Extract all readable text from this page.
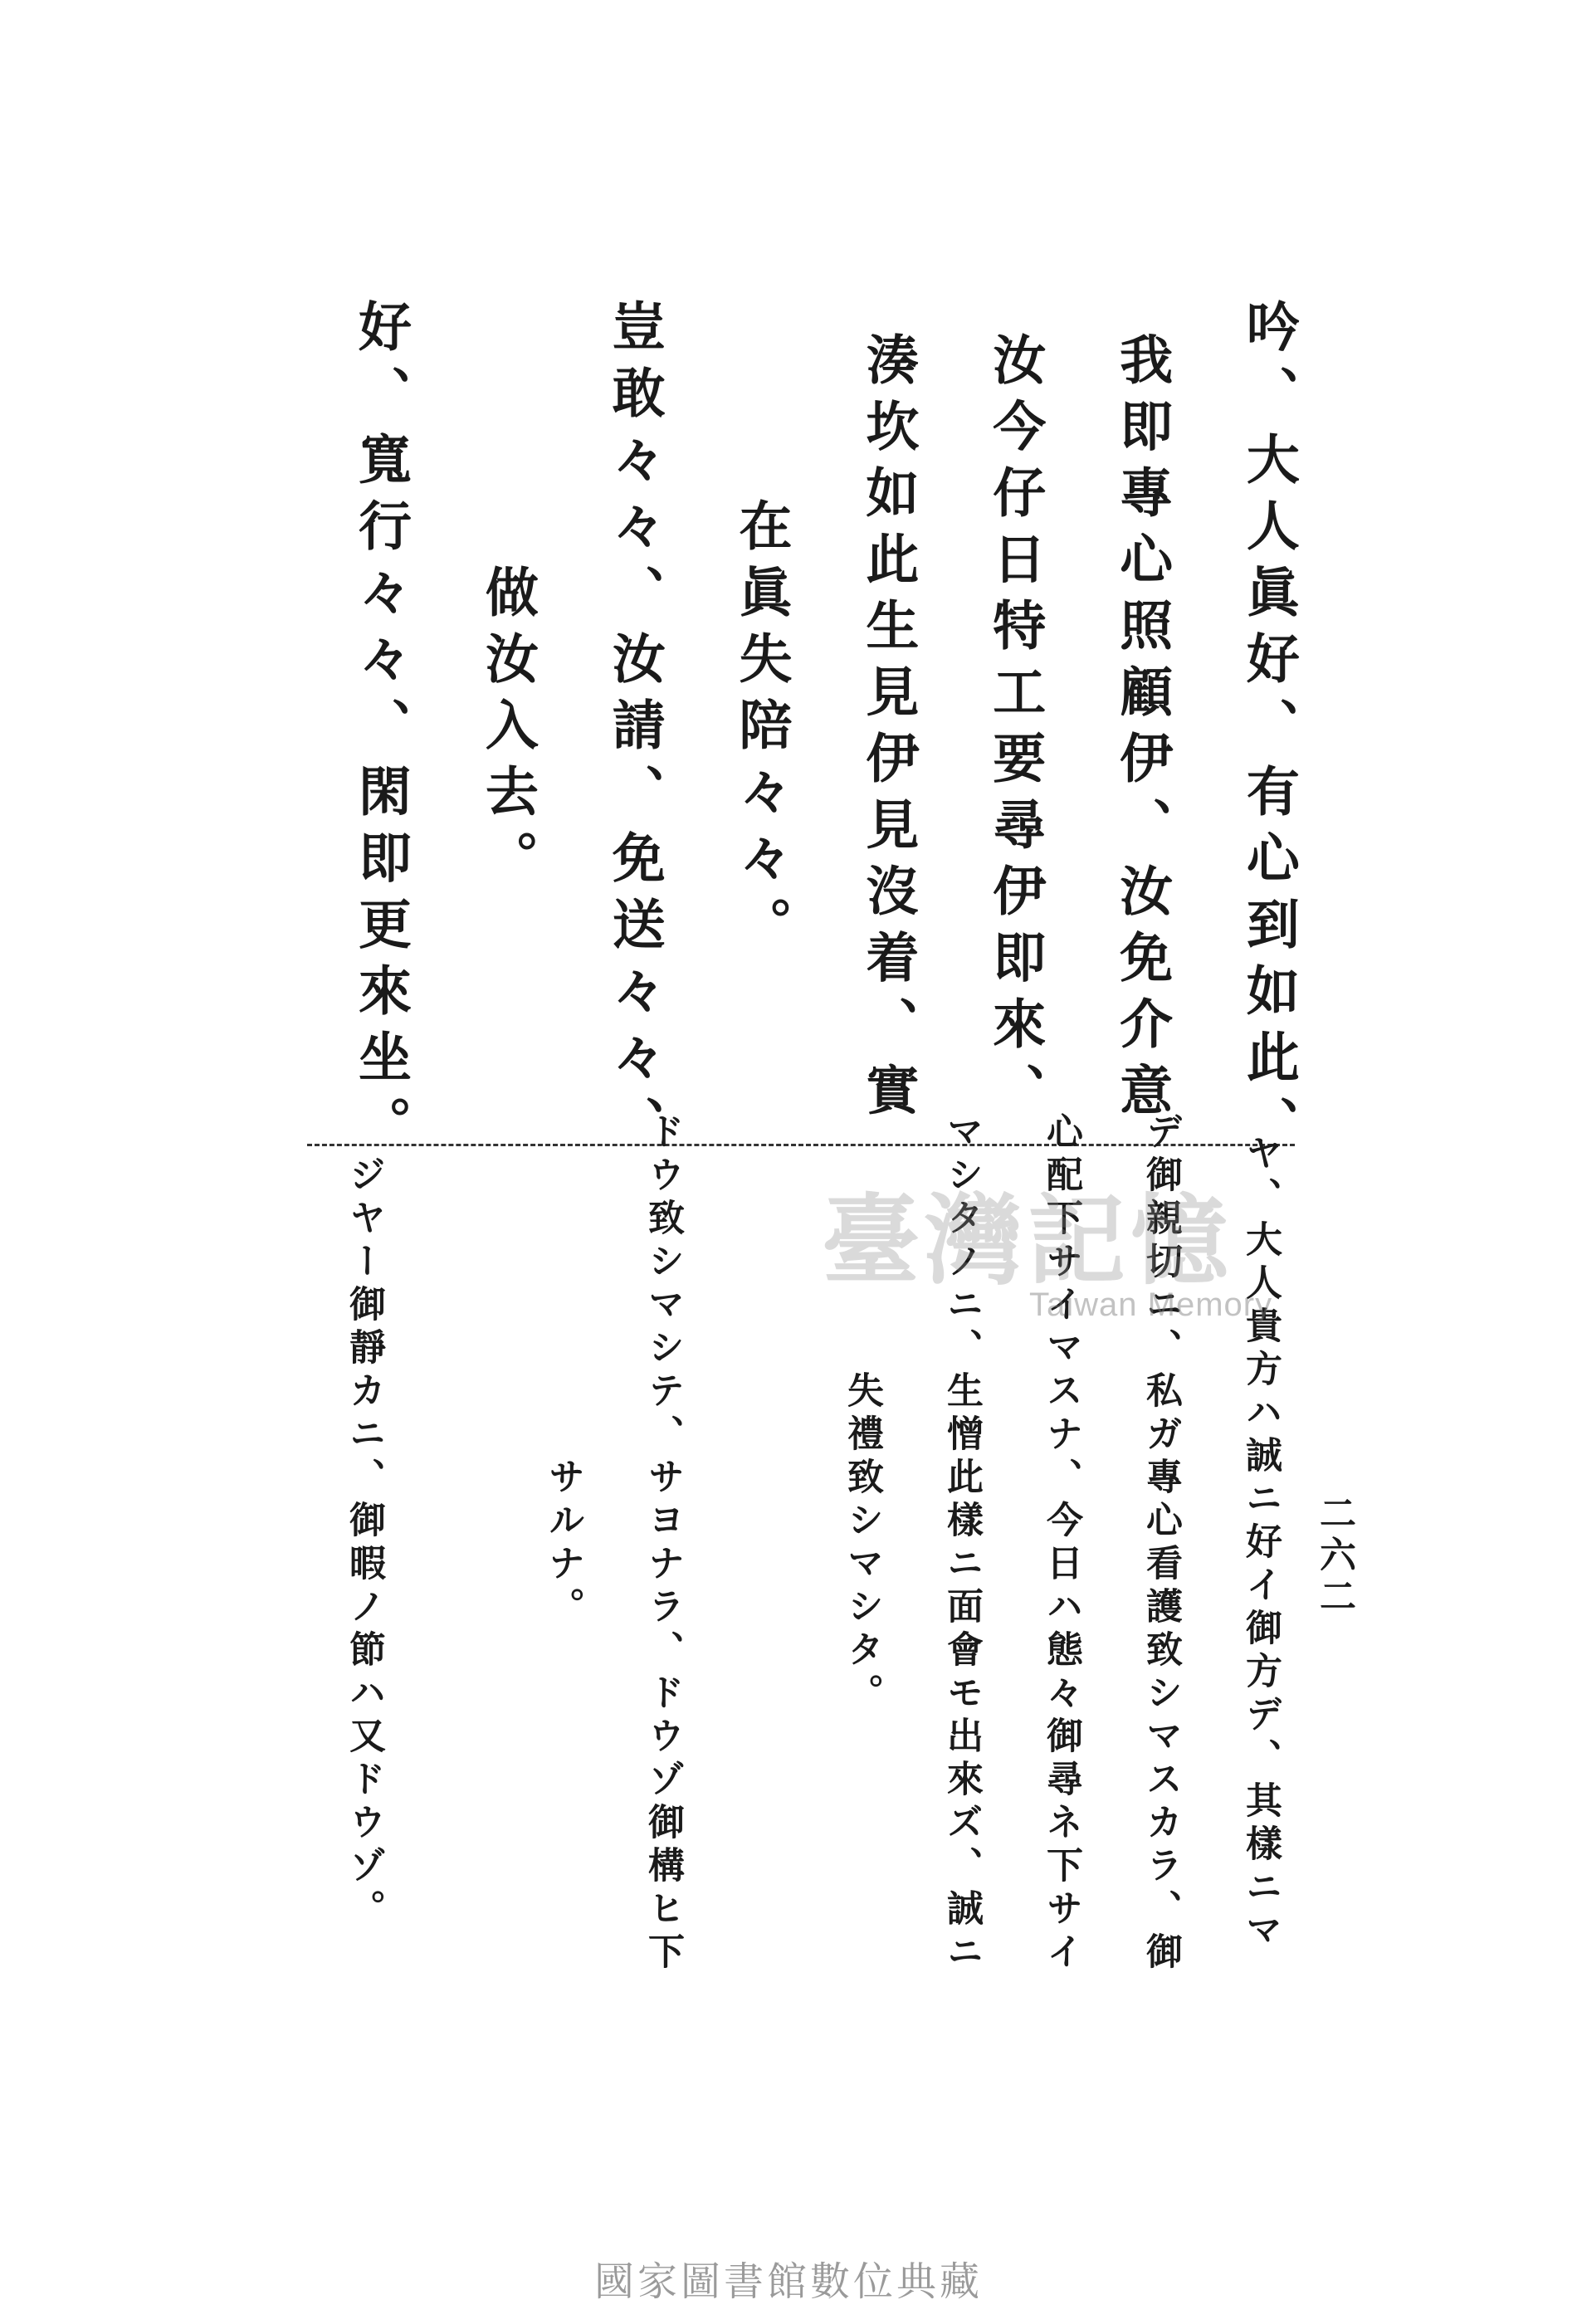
吟、大人眞好、有心到如此、
我即專心照顧伊、汝免介意
汝今仔日特工要尋伊即來、
湊坎如此生見伊見沒着、實
在眞失陪々々。
豈敢々々、汝請、免送々々、
做汝入去。
好、寬行々々、閑即更來坐。
ヤ、大人貴方ハ誠ニ好イ御方デ、其樣ニマ
デ御親切ニ、私ガ專心看護致シマスカラ、御
心配下サイマスナ、今日ハ態々御尋ネ下サイ
マシタノニ、生憎此樣ニ面會モ出來ズ、誠ニ
失禮致シマシタ。
ドウ致シマシテ、サヨナラ、ドウゾ御構ヒ下
サルナ。
ジヤー御靜カニ、御暇ノ節ハ又ドウゾ。	二六二
臺灣記憶
Taiwan Memory
國家圖書館數位典藏
